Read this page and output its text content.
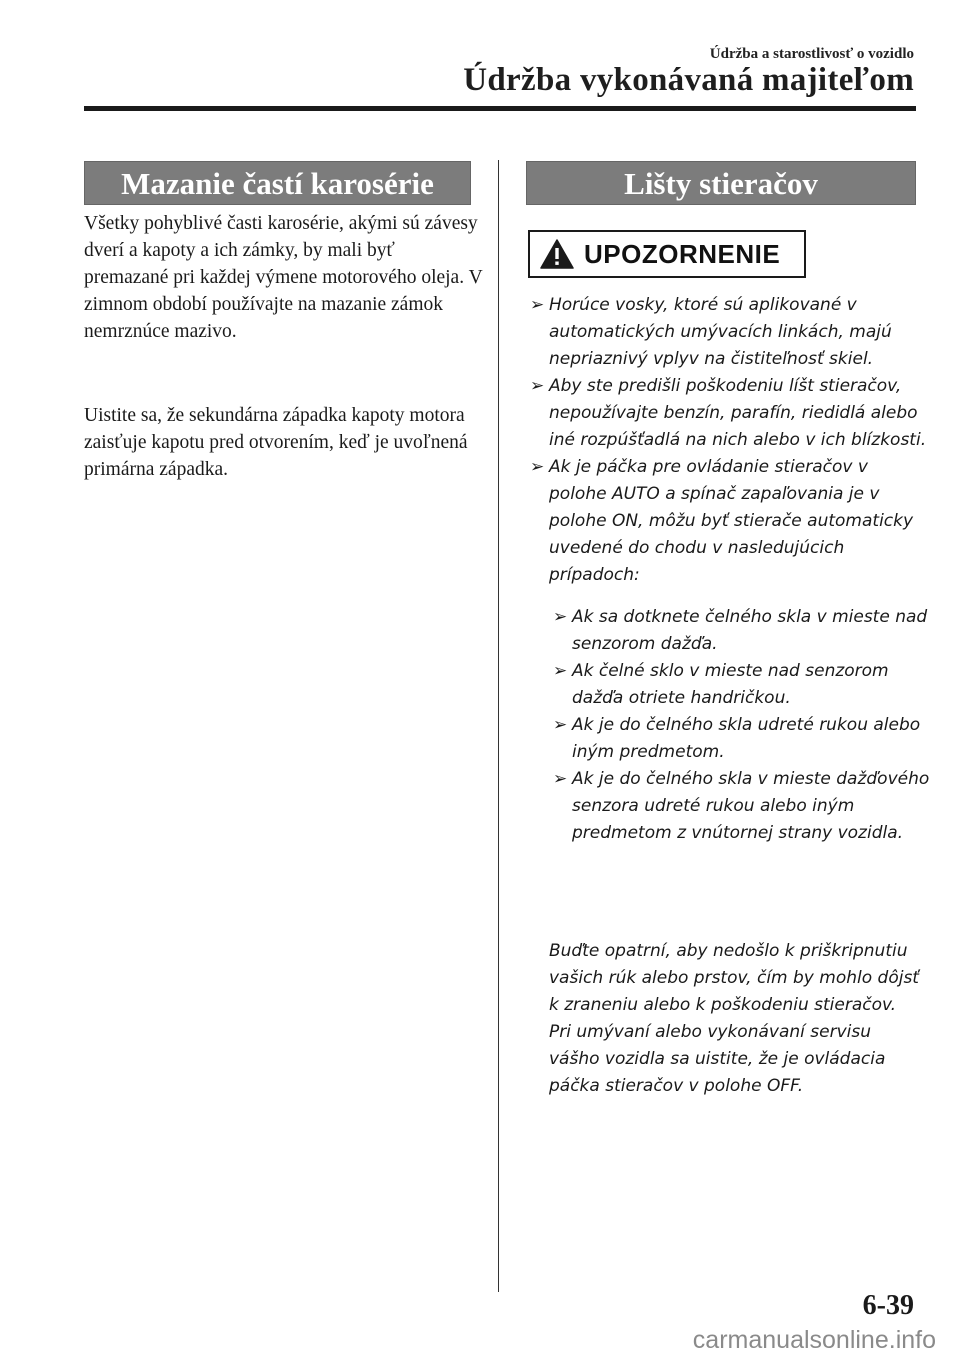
Údržba a starostlivosť o vozidlo
Údržba vykonávaná majiteľom
Mazanie častí karosérie
Všetky pohyblivé časti karosérie, akými sú závesy dverí a kapoty a ich zámky, by mali byť premazané pri každej výmene motorového oleja. V zimnom období používajte na mazanie zámok nemrznúce mazivo.
Uistite sa, že sekundárna západka kapoty motora zaisťuje kapotu pred otvorením, keď je uvoľnená primárna západka.
Lišty stieračov
UPOZORNENIE
➢ Horúce vosky, ktoré sú aplikované v automatických umývacích linkách, majú nepriaznivý vplyv na čistiteľnosť skiel.
➢ Aby ste predišli poškodeniu líšt stieračov, nepoužívajte benzín, parafín, riedidlá alebo iné rozpúšťadlá na nich alebo v ich blízkosti.
➢ Ak je páčka pre ovládanie stieračov v polohe AUTO a spínač zapaľovania je v polohe ON, môžu byť stierače automaticky uvedené do chodu v nasledujúcich prípadoch:
➢ Ak sa dotknete čelného skla v mieste nad senzorom dažďa.
➢ Ak čelné sklo v mieste nad senzorom dažďa otriete handričkou.
➢ Ak je do čelného skla udreté rukou alebo iným predmetom.
➢ Ak je do čelného skla v mieste dažďového senzora udreté rukou alebo iným predmetom z vnútornej strany vozidla.
Buďte opatrní, aby nedošlo k priškripnutiu vašich rúk alebo prstov, čím by mohlo dôjsť k zraneniu alebo k poškodeniu stieračov. Pri umývaní alebo vykonávaní servisu vášho vozidla sa uistite, že je ovládacia páčka stieračov v polohe OFF.
6-39
carmanualsonline.info
